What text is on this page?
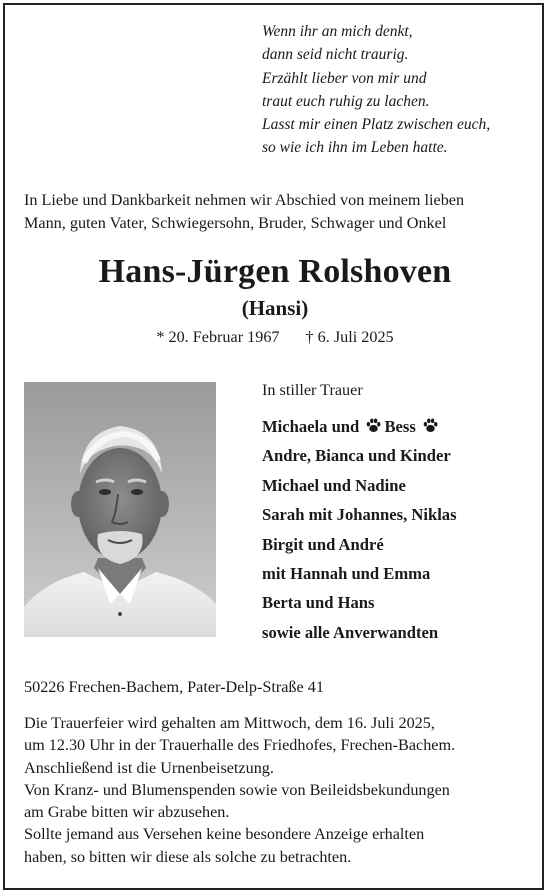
Wenn ihr an mich denkt,
dann seid nicht traurig.
Erzählt lieber von mir und
traut euch ruhig zu lachen.
Lasst mir einen Platz zwischen euch,
so wie ich ihn im Leben hatte.
In Liebe und Dankbarkeit nehmen wir Abschied von meinem lieben
Mann, guten Vater, Schwiegersohn, Bruder, Schwager und Onkel
Hans-Jürgen Rolshoven
(Hansi)
* 20. Februar 1967 † 6. Juli 2025
In stiller Trauer
Michaela und Bess
Andre, Bianca und Kinder
Michael und Nadine
Sarah mit Johannes, Niklas
Birgit und André
mit Hannah und Emma
Berta und Hans
sowie alle Anverwandten
50226 Frechen-Bachem, Pater-Delp-Straße 41
Die Trauerfeier wird gehalten am Mittwoch, dem 16. Juli 2025,
um 12.30 Uhr in der Trauerhalle des Friedhofes, Frechen-Bachem.
Anschließend ist die Urnenbeisetzung.
Von Kranz- und Blumenspenden sowie von Beileidsbekundungen
am Grabe bitten wir abzusehen.
Sollte jemand aus Versehen keine besondere Anzeige erhalten
haben, so bitten wir diese als solche zu betrachten.
